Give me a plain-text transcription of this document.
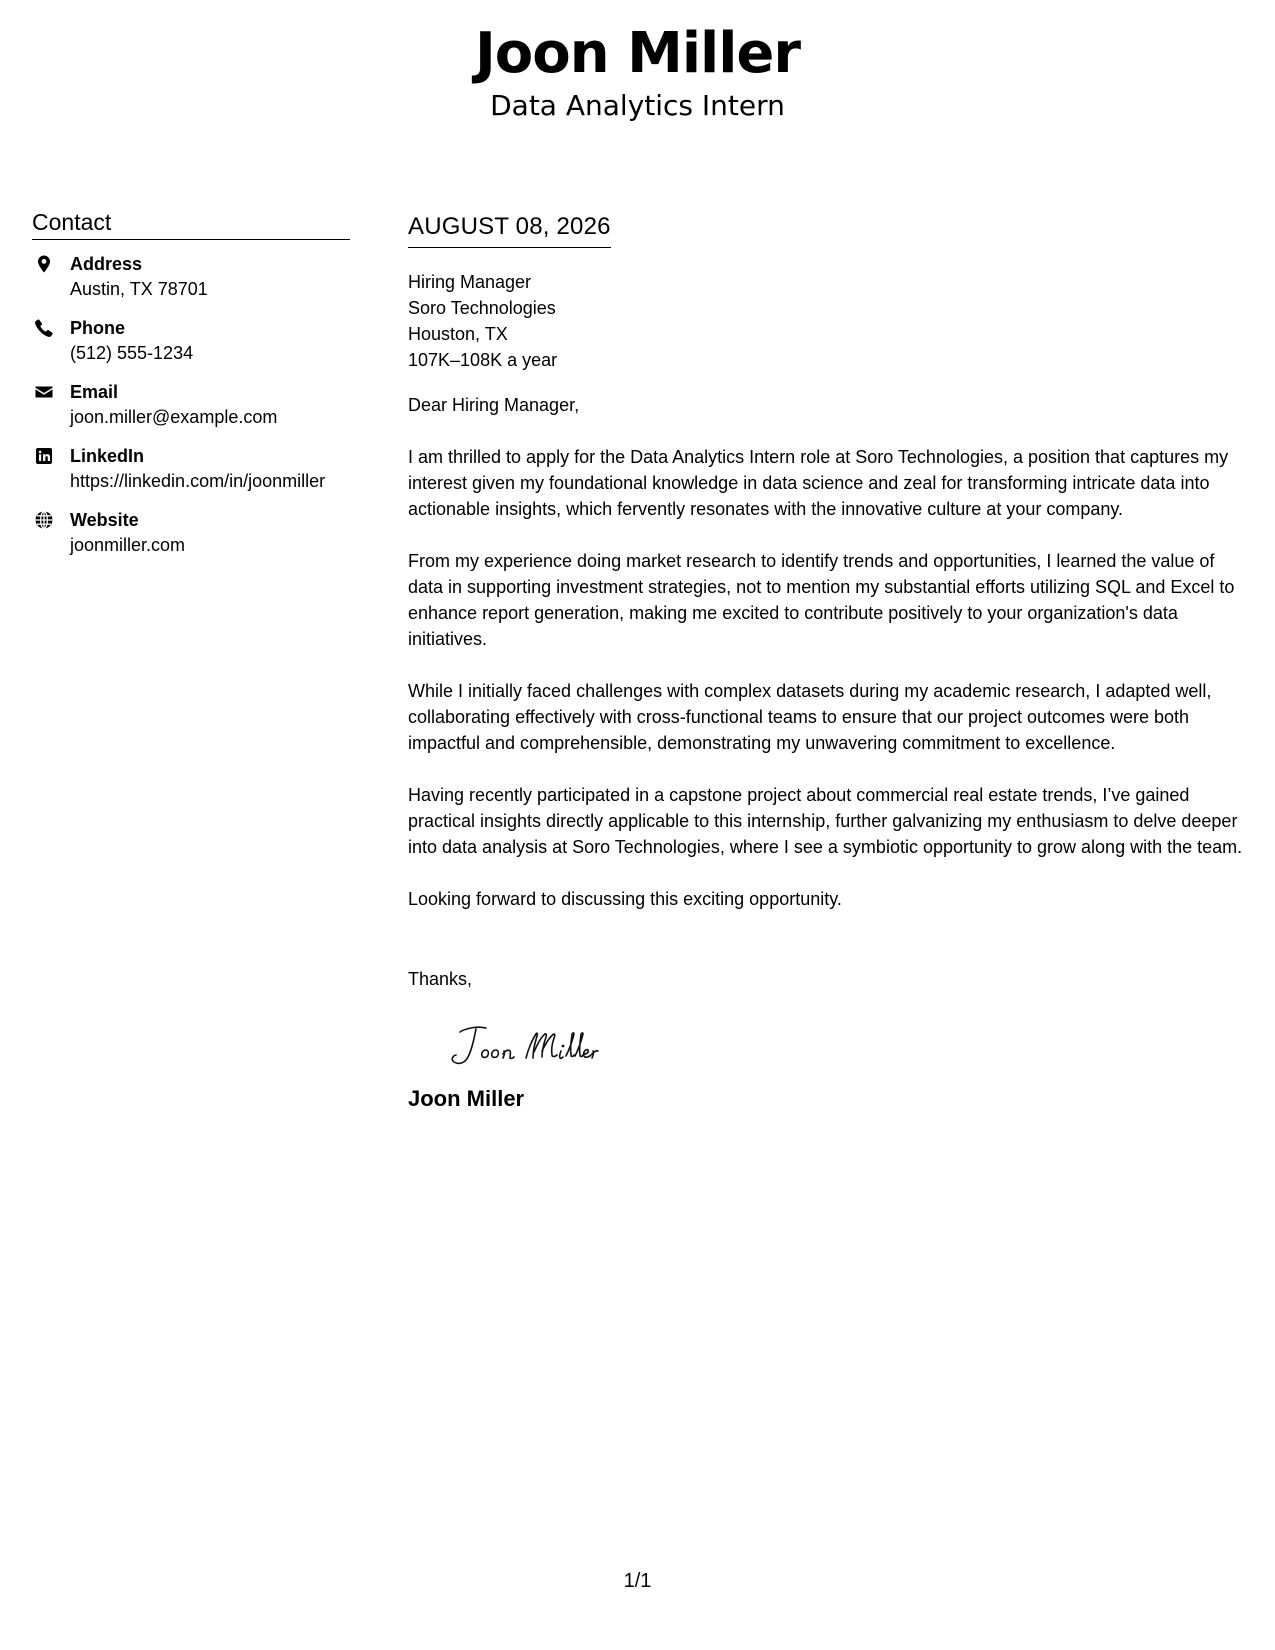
Joon Miller
Data Analytics Intern
Contact
Address
Austin, TX 78701
Phone
(512) 555-1234
Email
joon.miller@example.com
LinkedIn
https://linkedin.com/in/joonmiller
Website
joonmiller.com
AUGUST 08, 2026
Hiring Manager
Soro Technologies
Houston, TX
107K–108K a year
Dear Hiring Manager,
I am thrilled to apply for the Data Analytics Intern role at Soro Technologies, a position that captures my interest given my foundational knowledge in data science and zeal for transforming intricate data into actionable insights, which fervently resonates with the innovative culture at your company.
From my experience doing market research to identify trends and opportunities, I learned the value of data in supporting investment strategies, not to mention my substantial efforts utilizing SQL and Excel to enhance report generation, making me excited to contribute positively to your organization's data initiatives.
While I initially faced challenges with complex datasets during my academic research, I adapted well, collaborating effectively with cross-functional teams to ensure that our project outcomes were both impactful and comprehensible, demonstrating my unwavering commitment to excellence.
Having recently participated in a capstone project about commercial real estate trends, I’ve gained practical insights directly applicable to this internship, further galvanizing my enthusiasm to delve deeper into data analysis at Soro Technologies, where I see a symbiotic opportunity to grow along with the team.
Looking forward to discussing this exciting opportunity.
Thanks,
Joon Miller
1/1
